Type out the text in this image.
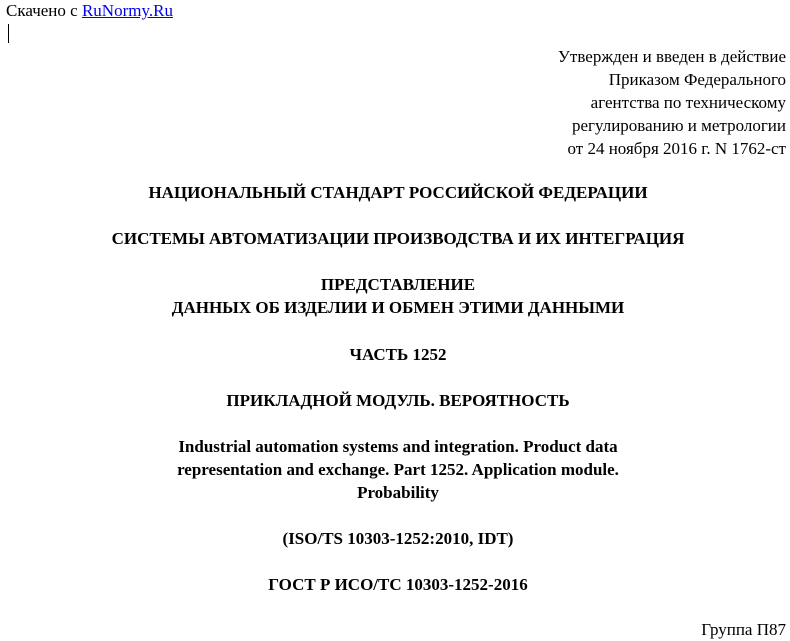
Скачено с RuNormy.Ru
Утвержден и введен в действие
Приказом Федерального
агентства по техническому
регулированию и метрологии
от 24 ноября 2016 г. N 1762-ст
НАЦИОНАЛЬНЫЙ СТАНДАРТ РОССИЙСКОЙ ФЕДЕРАЦИИ
СИСТЕМЫ АВТОМАТИЗАЦИИ ПРОИЗВОДСТВА И ИХ ИНТЕГРАЦИЯ
ПРЕДСТАВЛЕНИЕ
ДАННЫХ ОБ ИЗДЕЛИИ И ОБМЕН ЭТИМИ ДАННЫМИ
ЧАСТЬ 1252
ПРИКЛАДНОЙ МОДУЛЬ. ВЕРОЯТНОСТЬ
Industrial automation systems and integration. Product data
representation and exchange. Part 1252. Application module.
Probability
(ISO/TS 10303-1252:2010, IDT)
ГОСТ Р ИСО/ТС 10303-1252-2016
Группа П87
